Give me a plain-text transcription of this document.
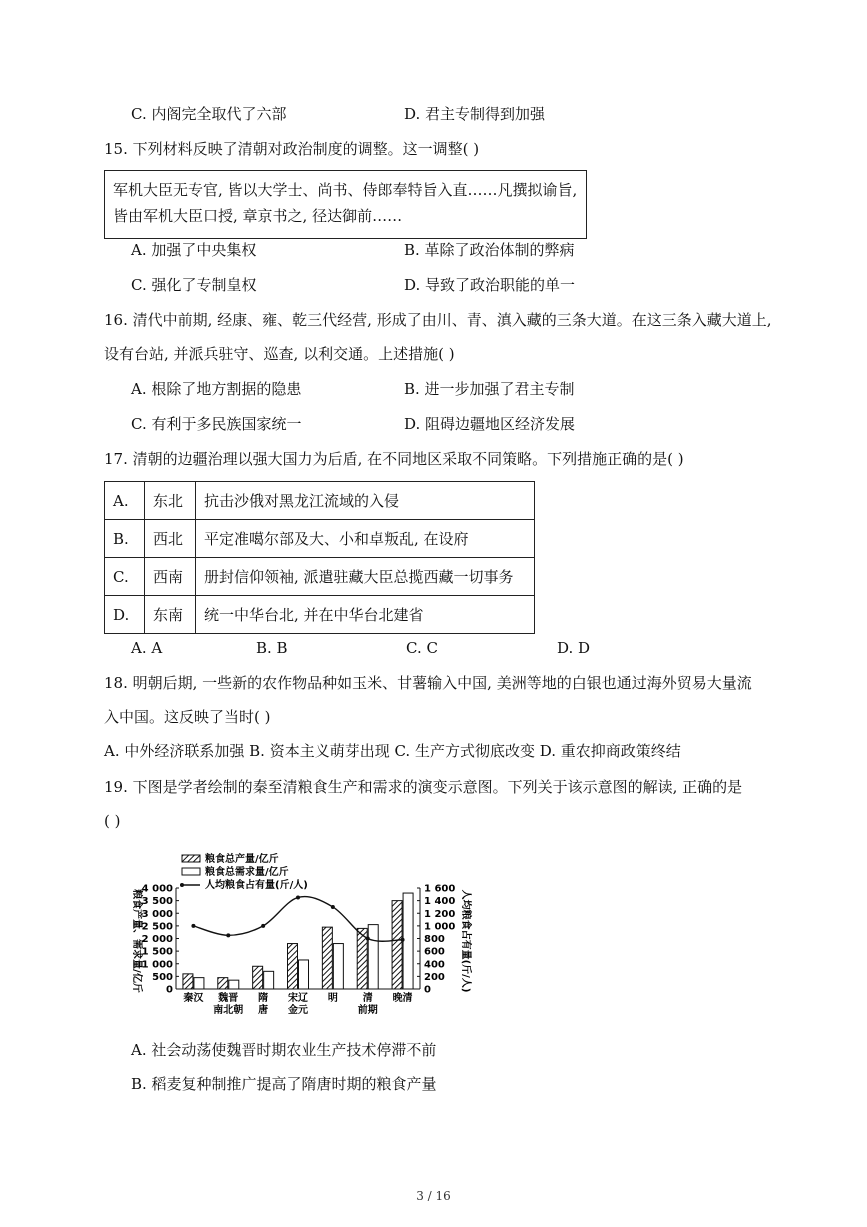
C. 内阁完全取代了六部	D. 君主专制得到加强
15. 下列材料反映了清朝对政治制度的调整。这一调整( )
军机大臣无专官, 皆以大学士、尚书、侍郎奉特旨入直……凡撰拟谕旨,
皆由军机大臣口授, 章京书之, 径达御前……
A. 加强了中央集权	B. 革除了政治体制的弊病
C. 强化了专制皇权	D. 导致了政治职能的单一
16. 清代中前期, 经康、雍、乾三代经营, 形成了由川、青、滇入藏的三条大道。在这三条入藏大道上,
设有台站, 并派兵驻守、巡查, 以利交通。上述措施( )
A. 根除了地方割据的隐患	B. 进一步加强了君主专制
C. 有利于多民族国家统一	D. 阻碍边疆地区经济发展
17. 清朝的边疆治理以强大国力为后盾, 在不同地区采取不同策略。下列措施正确的是( )
A.	东北	抗击沙俄对黑龙江流域的入侵
B.	西北	平定准噶尔部及大、小和卓叛乱, 在设府
C.	西南	册封信仰领袖, 派遣驻藏大臣总揽西藏一切事务
D.	东南	统一中华台北, 并在中华台北建省
A. A	B. B	C. C	D. D
18. 明朝后期, 一些新的农作物品种如玉米、甘薯输入中国, 美洲等地的白银也通过海外贸易大量流
入中国。这反映了当时( )
A. 中外经济联系加强 B. 资本主义萌芽出现 C. 生产方式彻底改变 D. 重农抑商政策终结
19. 下图是学者绘制的秦至清粮食生产和需求的演变示意图。下列关于该示意图的解读, 正确的是
( )
粮食总产量/亿斤
粮食总需求量/亿斤
人均粮食占有量(斤/人)
粮食产量、需求量/亿斤	人均粮食占有量(斤/人)
4 000
3 500
3 000
2 500
2 000
1 500
1 000
500
0
1 600
1 400
1 200
1 000
800
600
400
200
0
秦汉 魏晋
南北朝
隋
唐
宋辽
金元
明 清
前期
晚清
A. 社会动荡使魏晋时期农业生产技术停滞不前
B. 稻麦复种制推广提高了隋唐时期的粮食产量
3 / 16
